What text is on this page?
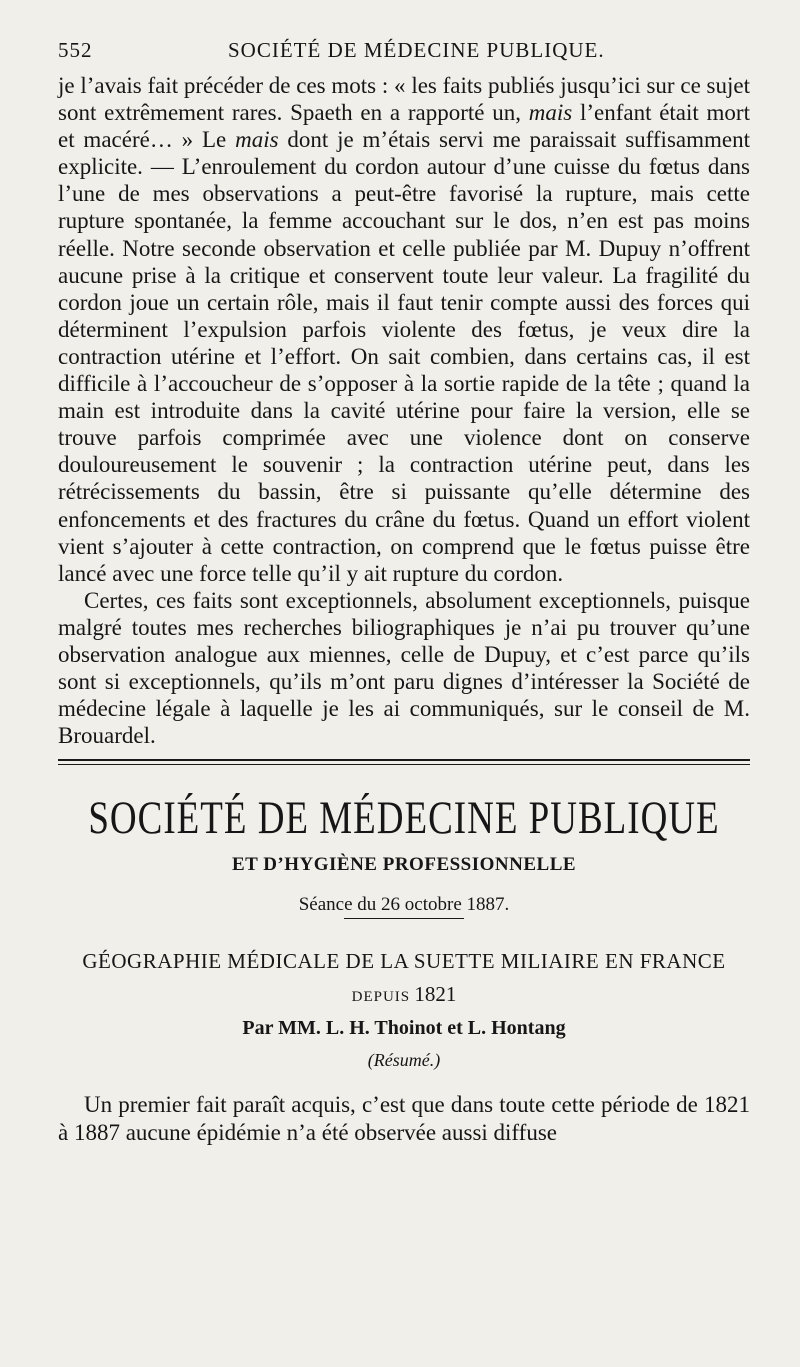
552	SOCIÉTÉ DE MÉDECINE PUBLIQUE.

je l’avais fait précéder de ces mots : « les faits publiés jusqu’ici sur ce sujet sont extrêmement rares. Spaeth en a rapporté un, mais l’enfant était mort et macéré… » Le mais dont je m’étais servi me paraissait suffisamment explicite. — L’enroulement du cordon autour d’une cuisse du fœtus dans l’une de mes observations a peut-être favorisé la rupture, mais cette rupture spontanée, la femme accouchant sur le dos, n’en est pas moins réelle. Notre seconde observation et celle publiée par M. Dupuy n’offrent aucune prise à la critique et conservent toute leur valeur. La fragilité du cordon joue un certain rôle, mais il faut tenir compte aussi des forces qui déterminent l’expulsion parfois violente des fœtus, je veux dire la contraction utérine et l’effort. On sait combien, dans certains cas, il est difficile à l’accoucheur de s’opposer à la sortie rapide de la tête ; quand la main est introduite dans la cavité utérine pour faire la version, elle se trouve parfois comprimée avec une violence dont on conserve douloureusement le souvenir ; la contraction utérine peut, dans les rétrécissements du bassin, être si puissante qu’elle détermine des enfoncements et des fractures du crâne du fœtus. Quand un effort violent vient s’ajouter à cette contraction, on comprend que le fœtus puisse être lancé avec une force telle qu’il y ait rupture du cordon.

Certes, ces faits sont exceptionnels, absolument exceptionnels, puisque malgré toutes mes recherches biliographiques je n’ai pu trouver qu’une observation analogue aux miennes, celle de Dupuy, et c’est parce qu’ils sont si exceptionnels, qu’ils m’ont paru dignes d’intéresser la Société de médecine légale à laquelle je les ai communiqués, sur le conseil de M. Brouardel.

SOCIÉTÉ DE MÉDECINE PUBLIQUE
ET D’HYGIÈNE PROFESSIONNELLE
Séance du 26 octobre 1887.
GÉOGRAPHIE MÉDICALE DE LA SUETTE MILIAIRE EN FRANCE
DEPUIS 1821
Par MM. L. H. Thoinot et L. Hontang
(Résumé.)

Un premier fait paraît acquis, c’est que dans toute cette période de 1821 à 1887 aucune épidémie n’a été observée aussi diffuse
